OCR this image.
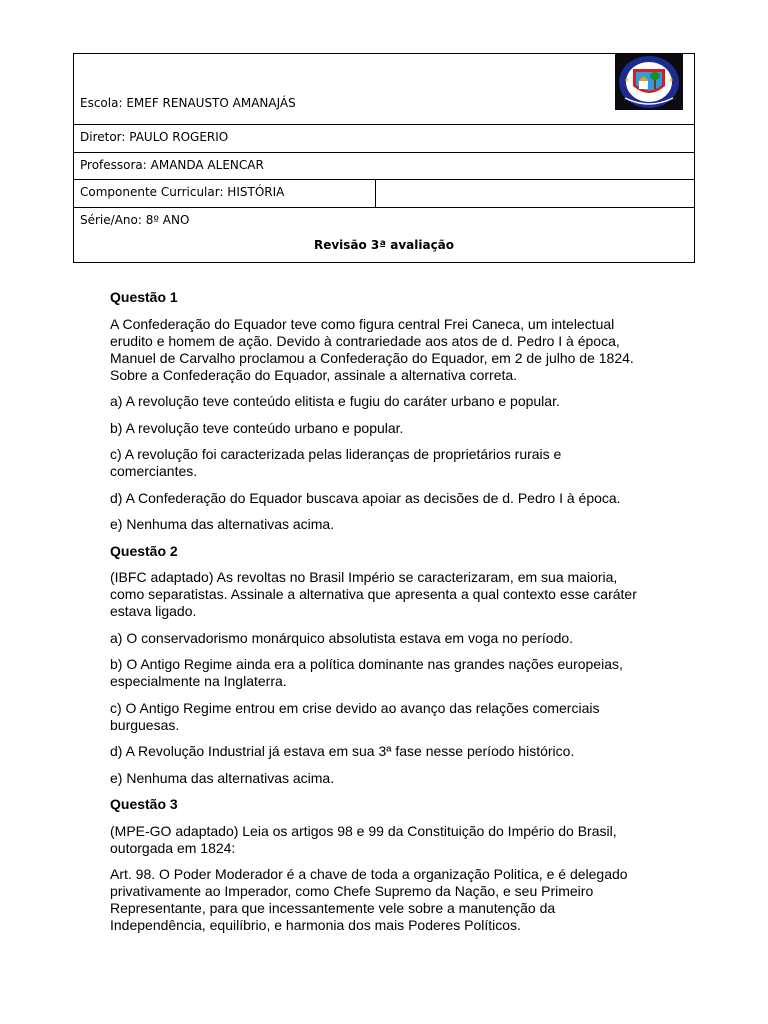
Escola: EMEF RENAUSTO AMANAJÁS
Diretor: PAULO ROGERIO
Professora: AMANDA ALENCAR
Componente Curricular: HISTÓRIA
Série/Ano: 8º ANO
Revisão 3ª avaliação

Questão 1

A Confederação do Equador teve como figura central Frei Caneca, um intelectual erudito e homem de ação. Devido à contrariedade aos atos de d. Pedro I à época, Manuel de Carvalho proclamou a Confederação do Equador, em 2 de julho de 1824. Sobre a Confederação do Equador, assinale a alternativa correta.

a) A revolução teve conteúdo elitista e fugiu do caráter urbano e popular.

b) A revolução teve conteúdo urbano e popular.

c) A revolução foi caracterizada pelas lideranças de proprietários rurais e comerciantes.

d) A Confederação do Equador buscava apoiar as decisões de d. Pedro I à época.

e) Nenhuma das alternativas acima.

Questão 2

(IBFC adaptado) As revoltas no Brasil Império se caracterizaram, em sua maioria, como separatistas. Assinale a alternativa que apresenta a qual contexto esse caráter estava ligado.

a) O conservadorismo monárquico absolutista estava em voga no período.

b) O Antigo Regime ainda era a política dominante nas grandes nações europeias, especialmente na Inglaterra.

c) O Antigo Regime entrou em crise devido ao avanço das relações comerciais burguesas.

d) A Revolução Industrial já estava em sua 3ª fase nesse período histórico.

e) Nenhuma das alternativas acima.

Questão 3

(MPE-GO adaptado) Leia os artigos 98 e 99 da Constituição do Império do Brasil, outorgada em 1824:

Art. 98. O Poder Moderador é a chave de toda a organização Politica, e é delegado privativamente ao Imperador, como Chefe Supremo da Nação, e seu Primeiro Representante, para que incessantemente vele sobre a manutenção da Independência, equilíbrio, e harmonia dos mais Poderes Políticos.
